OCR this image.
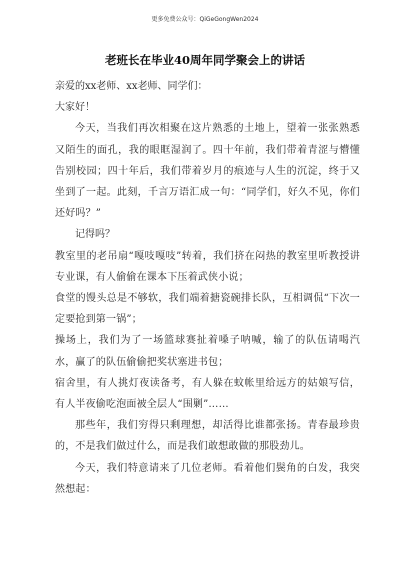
更多免费公众号：QiGeGongWen2024
老班长在毕业40周年同学聚会上的讲话

亲爱的xx老师、xx老师、同学们：

大家好！

今天，当我们再次相聚在这片熟悉的土地上，望着一张张熟悉又陌生的面孔，我的眼眶湿润了。四十年前，我们带着青涩与懵懂告别校园；四十年后，我们带着岁月的痕迹与人生的沉淀，终于又坐到了一起。此刻，千言万语汇成一句：“同学们，好久不见，你们还好吗？”

记得吗？

教室里的老吊扇“嘎吱嘎吱”转着，我们挤在闷热的教室里听教授讲专业课，有人偷偷在课本下压着武侠小说；

食堂的馒头总是不够软，我们端着搪瓷碗排长队，互相调侃“下次一定要抢到第一锅”；

操场上，我们为了一场篮球赛扯着嗓子呐喊，输了的队伍请喝汽水，赢了的队伍偷偷把奖状塞进书包；

宿舍里，有人挑灯夜读备考，有人躲在蚊帐里给远方的姑娘写信，有人半夜偷吃泡面被全层人“围剿”……

那些年，我们穷得只剩理想，却活得比谁都张扬。青春最珍贵的，不是我们做过什么，而是我们敢想敢做的那股劲儿。

今天，我们特意请来了几位老师。看着他们鬓角的白发，我突然想起：
